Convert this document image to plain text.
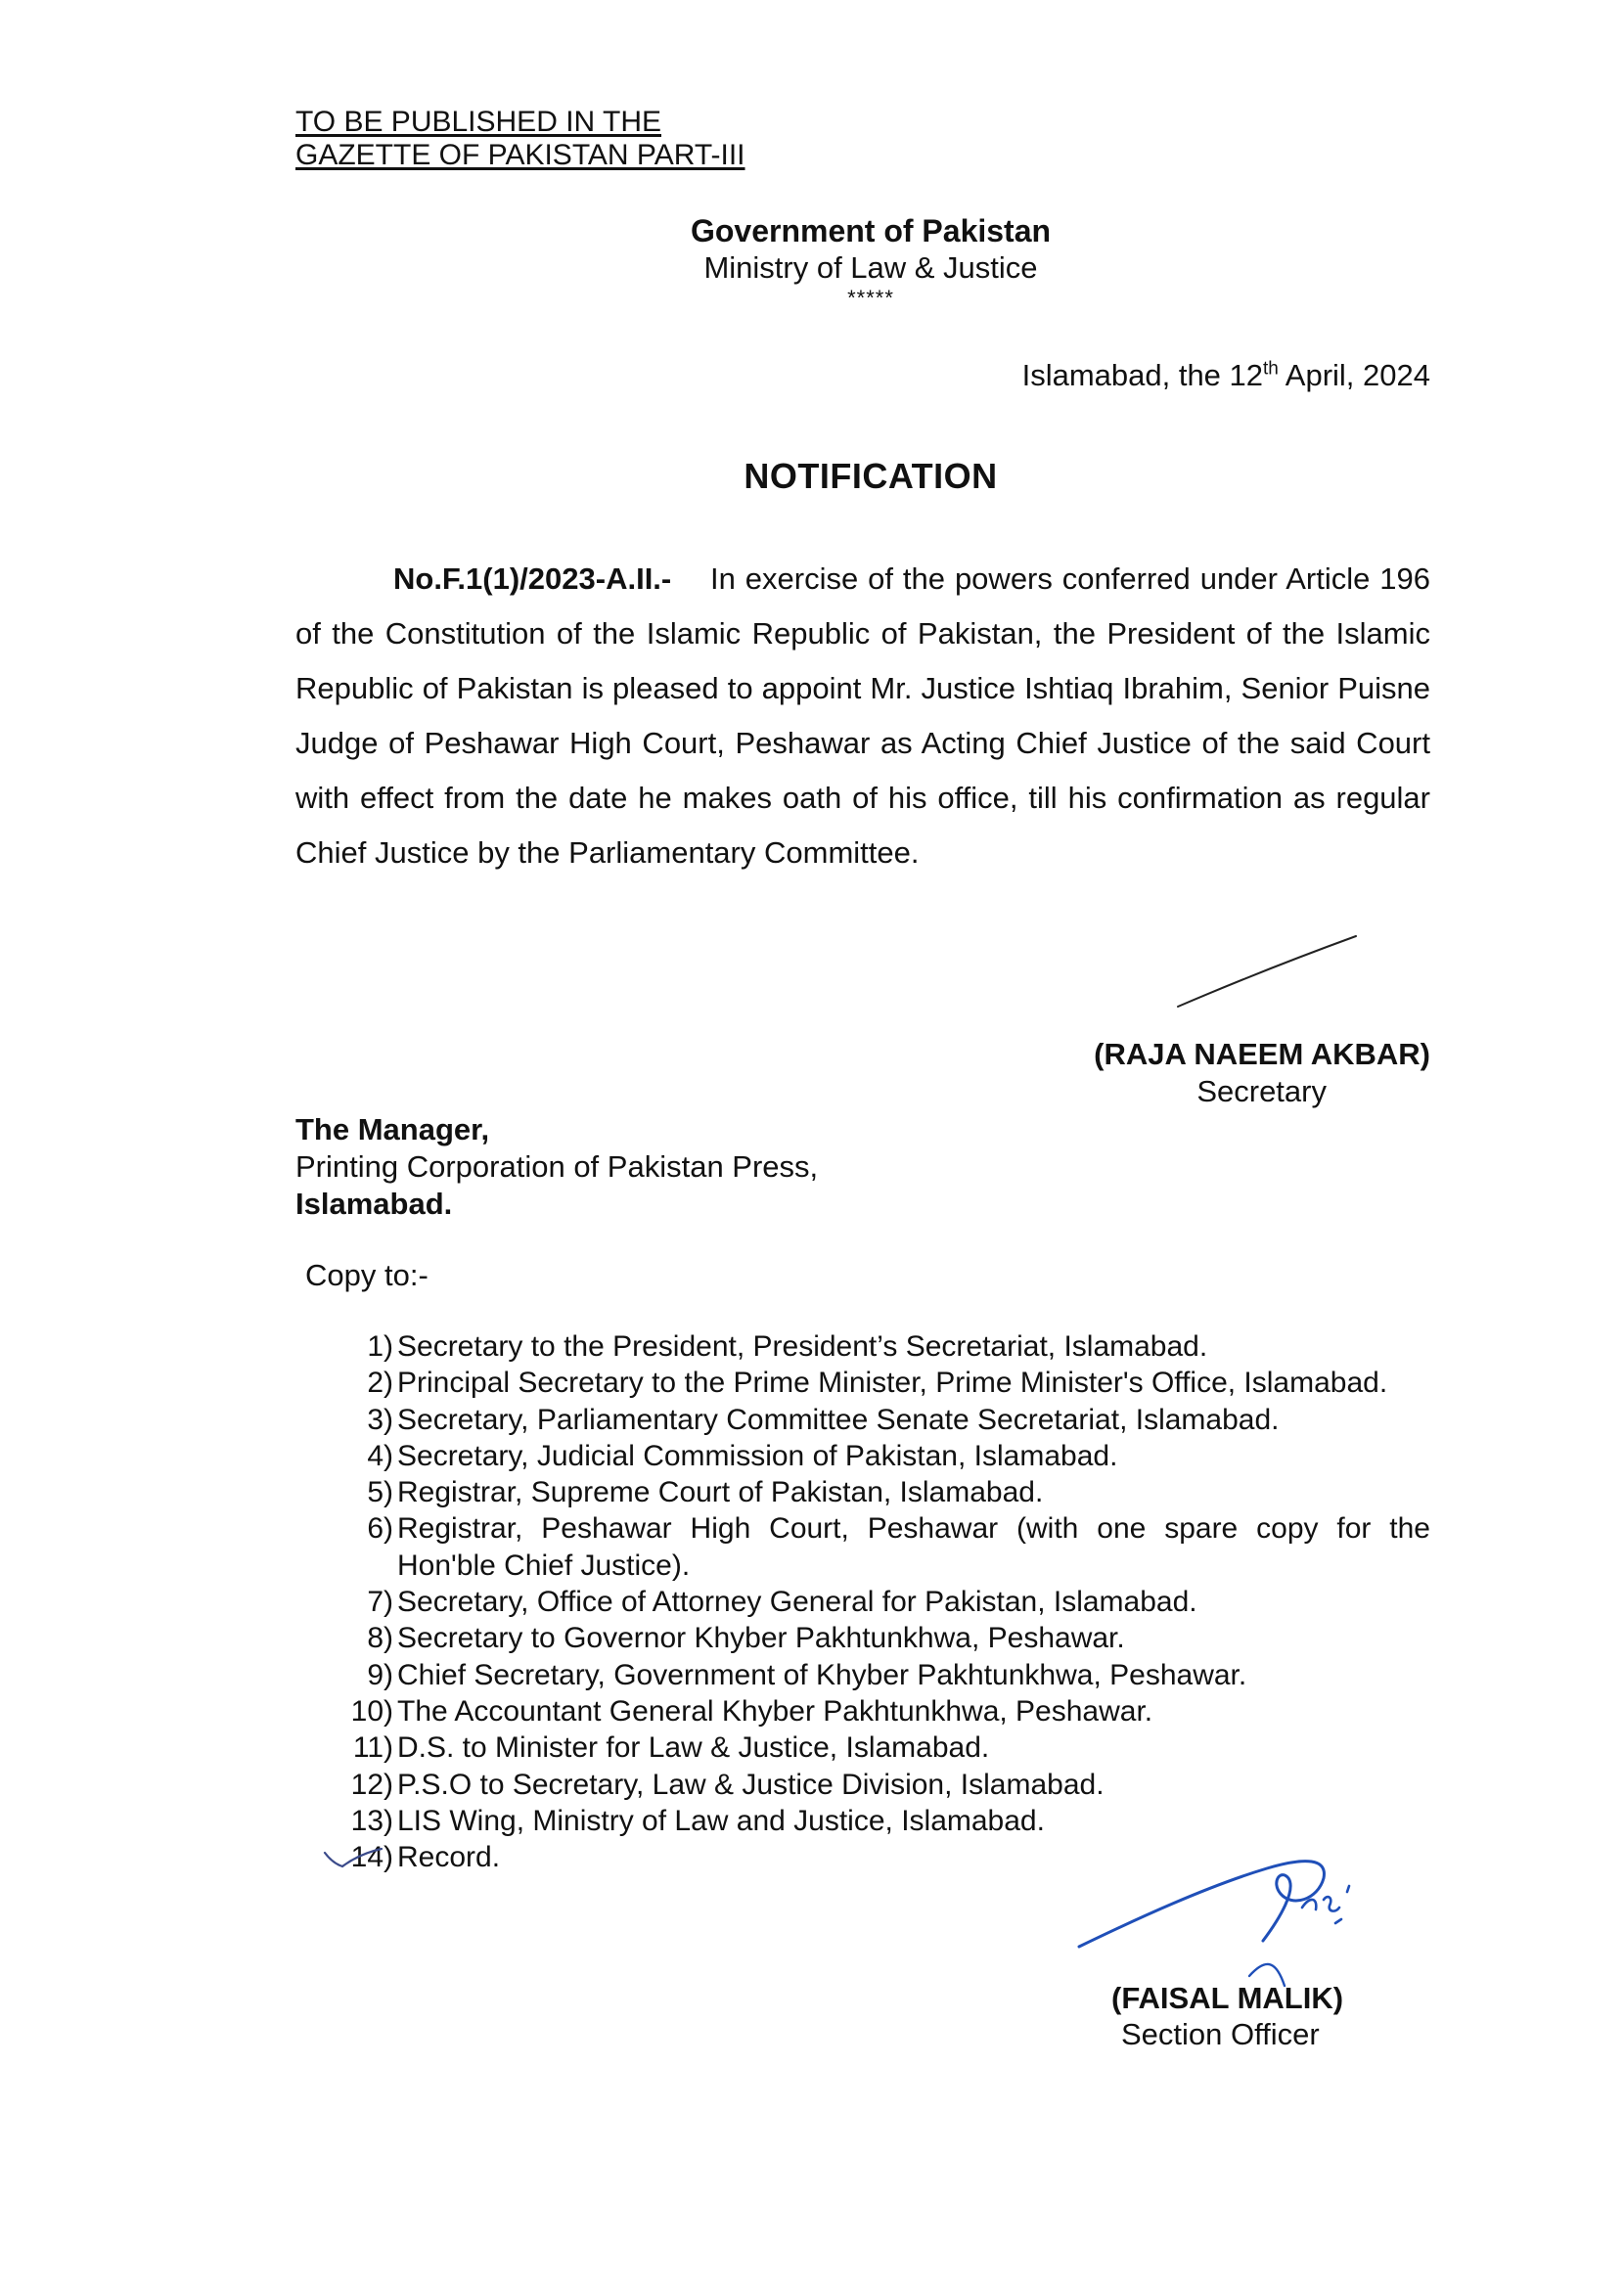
TO BE PUBLISHED IN THE
GAZETTE OF PAKISTAN PART-III
Government of Pakistan
Ministry of Law & Justice
*****
Islamabad, the 12th April, 2024
NOTIFICATION
No.F.1(1)/2023-A.II.- In exercise of the powers conferred under Article 196 of the Constitution of the Islamic Republic of Pakistan, the President of the Islamic Republic of Pakistan is pleased to appoint Mr. Justice Ishtiaq Ibrahim, Senior Puisne Judge of Peshawar High Court, Peshawar as Acting Chief Justice of the said Court with effect from the date he makes oath of his office, till his confirmation as regular Chief Justice by the Parliamentary Committee.
(RAJA NAEEM AKBAR)
Secretary
The Manager,
Printing Corporation of Pakistan Press,
Islamabad.
Copy to:-
1) Secretary to the President, President’s Secretariat, Islamabad.
2) Principal Secretary to the Prime Minister, Prime Minister's Office, Islamabad.
3) Secretary, Parliamentary Committee Senate Secretariat, Islamabad.
4) Secretary, Judicial Commission of Pakistan, Islamabad.
5) Registrar, Supreme Court of Pakistan, Islamabad.
6) Registrar, Peshawar High Court, Peshawar (with one spare copy for the Hon'ble Chief Justice).
7) Secretary, Office of Attorney General for Pakistan, Islamabad.
8) Secretary to Governor Khyber Pakhtunkhwa, Peshawar.
9) Chief Secretary, Government of Khyber Pakhtunkhwa, Peshawar.
10) The Accountant General Khyber Pakhtunkhwa, Peshawar.
11) D.S. to Minister for Law & Justice, Islamabad.
12) P.S.O to Secretary, Law & Justice Division, Islamabad.
13) LIS Wing, Ministry of Law and Justice, Islamabad.
14) Record.
(FAISAL MALIK)
Section Officer
